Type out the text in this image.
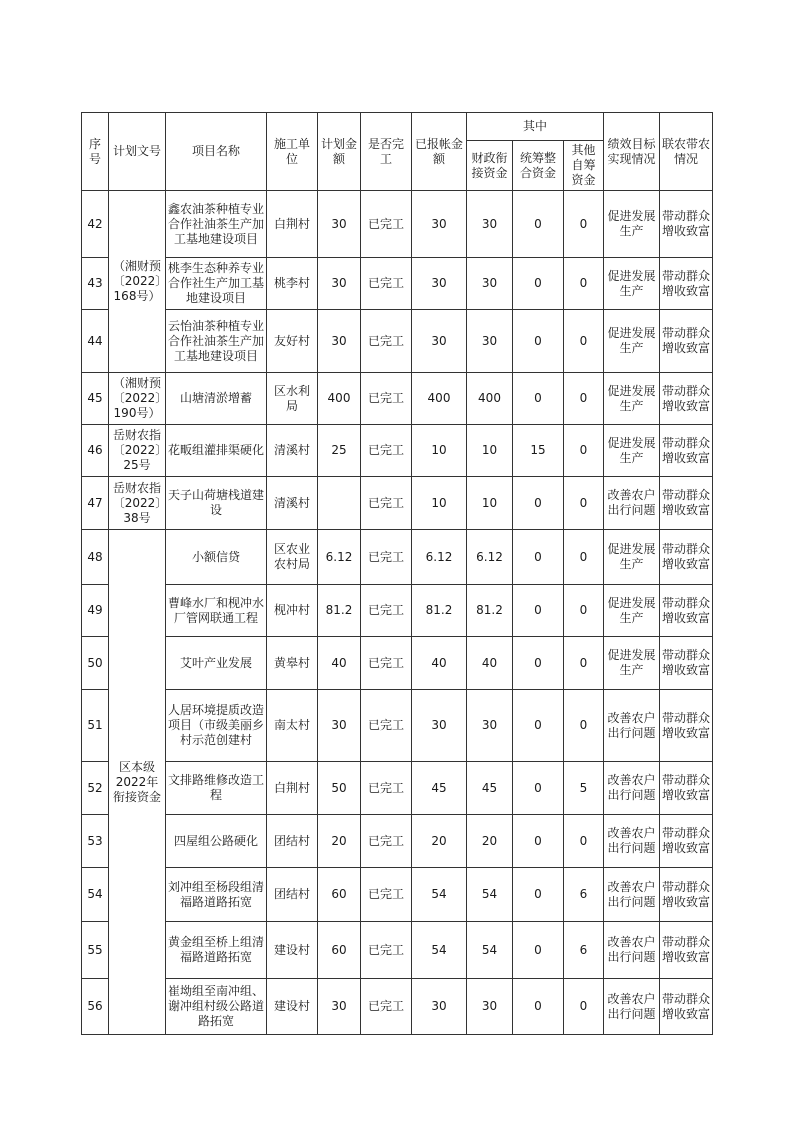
序号	计划文号	项目名称	施工单位	计划金额	是否完工	已报帐金额	其中			绩效目标实现情况	联农带农情况
							财政衔接资金	统筹整合资金	其他自筹资金		
42	（湘财预〔2022〕168号）	鑫农油茶种植专业合作社油茶生产加工基地建设项目	白荆村	30	已完工	30	30	0	0	促进发展生产	带动群众增收致富
43		桃李生态种养专业合作社生产加工基地建设项目	桃李村	30	已完工	30	30	0	0	促进发展生产	带动群众增收致富
44		云怡油茶种植专业合作社油茶生产加工基地建设项目	友好村	30	已完工	30	30	0	0	促进发展生产	带动群众增收致富
45	（湘财预〔2022〕190号）	山塘清淤增蓄	区水利局	400	已完工	400	400	0	0	促进发展生产	带动群众增收致富
46	岳财农指〔2022〕25号	花畈组灌排渠硬化	清溪村	25	已完工	10	10	15	0	促进发展生产	带动群众增收致富
47	岳财农指〔2022〕38号	天子山荷塘栈道建设	清溪村		已完工	10	10	0	0	改善农户出行问题	带动群众增收致富
48	区本级2022年衔接资金	小额信贷	区农业农村局	6.12	已完工	6.12	6.12	0	0	促进发展生产	带动群众增收致富
49		曹峰水厂和枧冲水厂管网联通工程	枧冲村	81.2	已完工	81.2	81.2	0	0	促进发展生产	带动群众增收致富
50		艾叶产业发展	黄皋村	40	已完工	40	40	0	0	促进发展生产	带动群众增收致富
51		人居环境提质改造项目（市级美丽乡村示范创建村	南太村	30	已完工	30	30	0	0	改善农户出行问题	带动群众增收致富
52		文排路维修改造工程	白荆村	50	已完工	45	45	0	5	改善农户出行问题	带动群众增收致富
53		四屋组公路硬化	团结村	20	已完工	20	20	0	0	改善农户出行问题	带动群众增收致富
54		刘冲组至杨段组清福路道路拓宽	团结村	60	已完工	54	54	0	6	改善农户出行问题	带动群众增收致富
55		黄金组至桥上组清福路道路拓宽	建设村	60	已完工	54	54	0	6	改善农户出行问题	带动群众增收致富
56		崔坳组至南冲组、谢冲组村级公路道路拓宽	建设村	30	已完工	30	30	0	0	改善农户出行问题	带动群众增收致富
